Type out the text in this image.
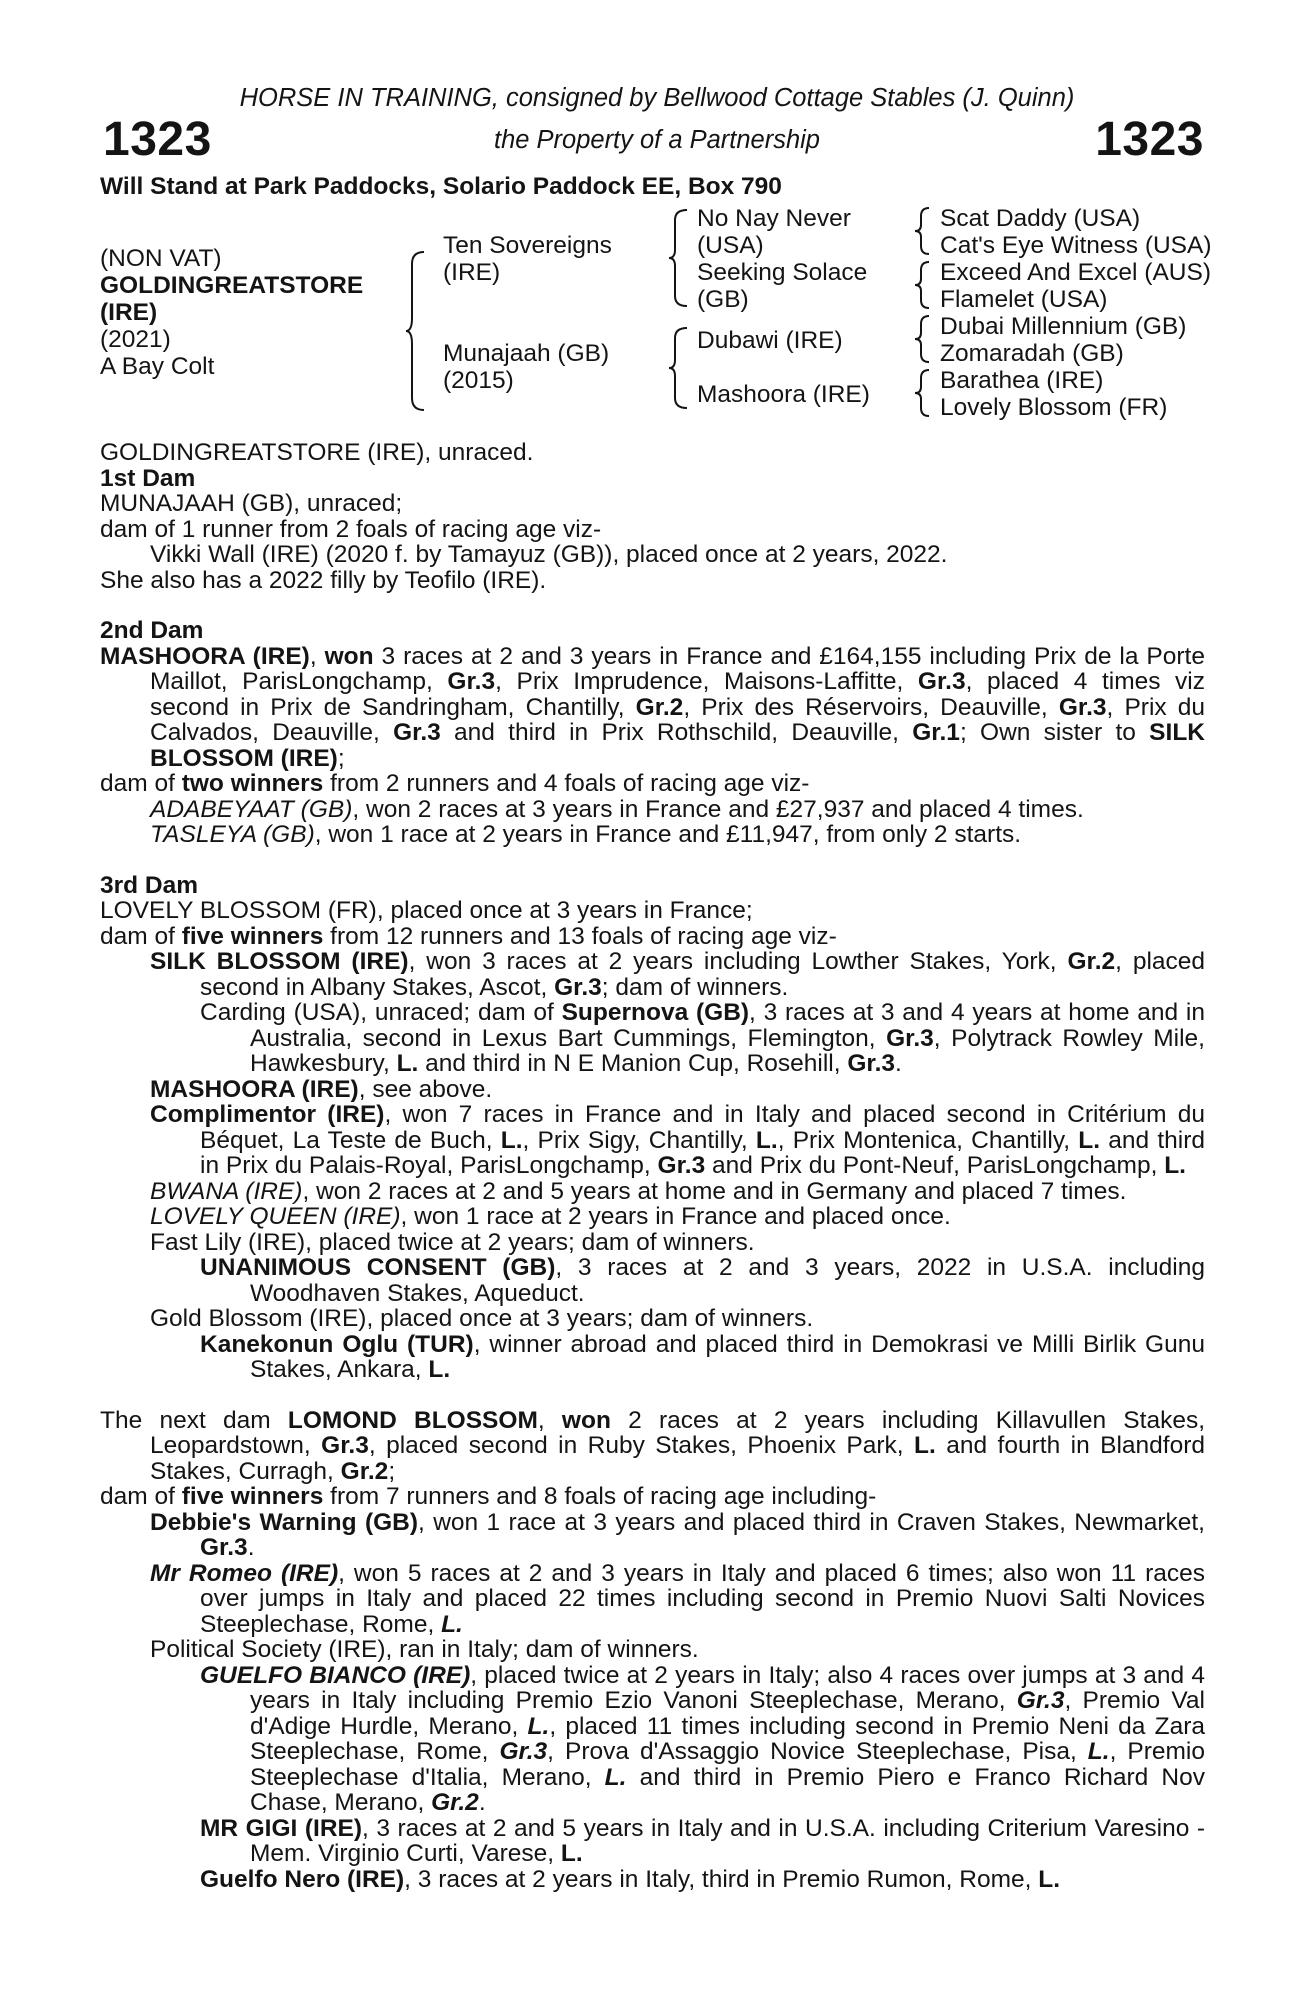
HORSE IN TRAINING, consigned by Bellwood Cottage Stables (J. Quinn)
1323	the Property of a Partnership	1323
Will Stand at Park Paddocks, Solario Paddock EE, Box 790
(NON VAT)
GOLDINGREATSTORE
(IRE)
(2021)
A Bay Colt
Ten Sovereigns
(IRE)
Munajaah (GB)
(2015)
No Nay Never
(USA)
Seeking Solace
(GB)
Dubawi (IRE)
Mashoora (IRE)
Scat Daddy (USA)
Cat's Eye Witness (USA)
Exceed And Excel (AUS)
Flamelet (USA)
Dubai Millennium (GB)
Zomaradah (GB)
Barathea (IRE)
Lovely Blossom (FR)
GOLDINGREATSTORE (IRE), unraced.
1st Dam
MUNAJAAH (GB), unraced;
dam of 1 runner from 2 foals of racing age viz-
Vikki Wall (IRE) (2020 f. by Tamayuz (GB)), placed once at 2 years, 2022.
She also has a 2022 filly by Teofilo (IRE).
2nd Dam
MASHOORA (IRE), won 3 races at 2 and 3 years in France and £164,155 including Prix de la Porte Maillot, ParisLongchamp, Gr.3, Prix Imprudence, Maisons-Laffitte, Gr.3, placed 4 times viz second in Prix de Sandringham, Chantilly, Gr.2, Prix des Réservoirs, Deauville, Gr.3, Prix du Calvados, Deauville, Gr.3 and third in Prix Rothschild, Deauville, Gr.1; Own sister to SILK BLOSSOM (IRE);
dam of two winners from 2 runners and 4 foals of racing age viz-
ADABEYAAT (GB), won 2 races at 3 years in France and £27,937 and placed 4 times.
TASLEYA (GB), won 1 race at 2 years in France and £11,947, from only 2 starts.
3rd Dam
LOVELY BLOSSOM (FR), placed once at 3 years in France;
dam of five winners from 12 runners and 13 foals of racing age viz-
SILK BLOSSOM (IRE), won 3 races at 2 years including Lowther Stakes, York, Gr.2, placed second in Albany Stakes, Ascot, Gr.3; dam of winners.
Carding (USA), unraced; dam of Supernova (GB), 3 races at 3 and 4 years at home and in Australia, second in Lexus Bart Cummings, Flemington, Gr.3, Polytrack Rowley Mile, Hawkesbury, L. and third in N E Manion Cup, Rosehill, Gr.3.
MASHOORA (IRE), see above.
Complimentor (IRE), won 7 races in France and in Italy and placed second in Critérium du Béquet, La Teste de Buch, L., Prix Sigy, Chantilly, L., Prix Montenica, Chantilly, L. and third in Prix du Palais-Royal, ParisLongchamp, Gr.3 and Prix du Pont-Neuf, ParisLongchamp, L.
BWANA (IRE), won 2 races at 2 and 5 years at home and in Germany and placed 7 times.
LOVELY QUEEN (IRE), won 1 race at 2 years in France and placed once.
Fast Lily (IRE), placed twice at 2 years; dam of winners.
UNANIMOUS CONSENT (GB), 3 races at 2 and 3 years, 2022 in U.S.A. including Woodhaven Stakes, Aqueduct.
Gold Blossom (IRE), placed once at 3 years; dam of winners.
Kanekonun Oglu (TUR), winner abroad and placed third in Demokrasi ve Milli Birlik Gunu Stakes, Ankara, L.
The next dam LOMOND BLOSSOM, won 2 races at 2 years including Killavullen Stakes, Leopardstown, Gr.3, placed second in Ruby Stakes, Phoenix Park, L. and fourth in Blandford Stakes, Curragh, Gr.2;
dam of five winners from 7 runners and 8 foals of racing age including-
Debbie's Warning (GB), won 1 race at 3 years and placed third in Craven Stakes, Newmarket, Gr.3.
Mr Romeo (IRE), won 5 races at 2 and 3 years in Italy and placed 6 times; also won 11 races over jumps in Italy and placed 22 times including second in Premio Nuovi Salti Novices Steeplechase, Rome, L.
Political Society (IRE), ran in Italy; dam of winners.
GUELFO BIANCO (IRE), placed twice at 2 years in Italy; also 4 races over jumps at 3 and 4 years in Italy including Premio Ezio Vanoni Steeplechase, Merano, Gr.3, Premio Val d'Adige Hurdle, Merano, L., placed 11 times including second in Premio Neni da Zara Steeplechase, Rome, Gr.3, Prova d'Assaggio Novice Steeplechase, Pisa, L., Premio Steeplechase d'Italia, Merano, L. and third in Premio Piero e Franco Richard Nov Chase, Merano, Gr.2.
MR GIGI (IRE), 3 races at 2 and 5 years in Italy and in U.S.A. including Criterium Varesino - Mem. Virginio Curti, Varese, L.
Guelfo Nero (IRE), 3 races at 2 years in Italy, third in Premio Rumon, Rome, L.
